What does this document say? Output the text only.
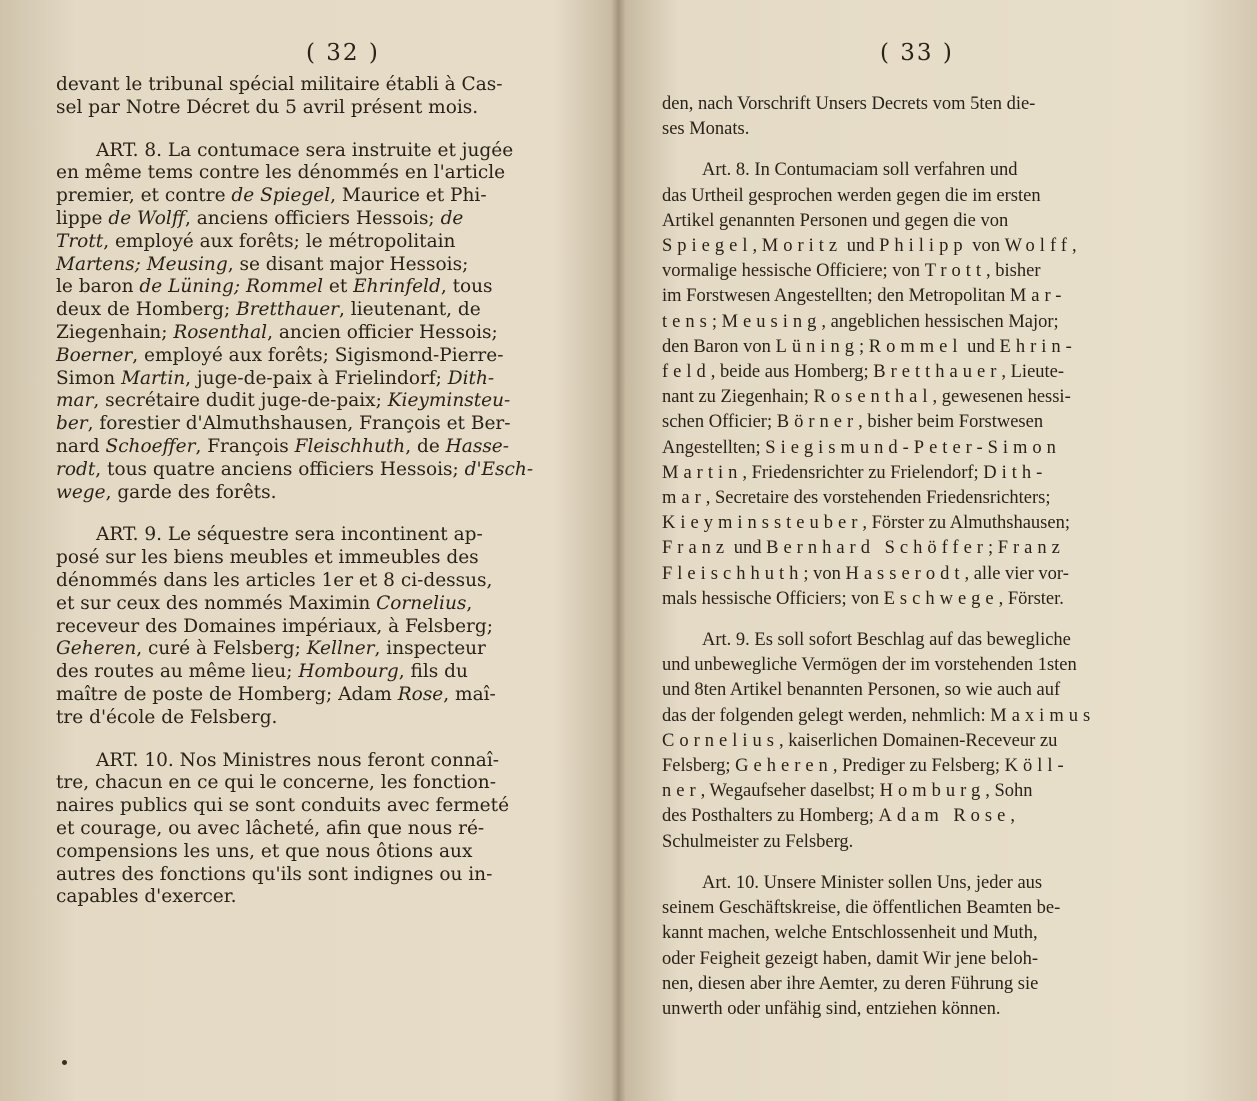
( 32 )
devant le tribunal spécial militaire établi à Cas-
sel par Notre Décret du 5 avril présent mois.
ART. 8. La contumace sera instruite et jugée
en même tems contre les dénommés en l'article
premier, et contre de Spiegel, Maurice et Phi-
lippe de Wolff, anciens officiers Hessois; de
Trott, employé aux forêts; le métropolitain
Martens; Meusing, se disant major Hessois;
le baron de Lüning; Rommel et Ehrinfeld, tous
deux de Homberg; Bretthauer, lieutenant, de
Ziegenhain; Rosenthal, ancien officier Hessois;
Boerner, employé aux forêts; Sigismond-Pierre-
Simon Martin, juge-de-paix à Frielindorf; Dith-
mar, secrétaire dudit juge-de-paix; Kieyminsteu-
ber, forestier d'Almuthshausen, François et Ber-
nard Schoeffer, François Fleischhuth, de Hasse-
rodt, tous quatre anciens officiers Hessois; d'Esch-
wege, garde des forêts.
ART. 9. Le séquestre sera incontinent ap-
posé sur les biens meubles et immeubles des
dénommés dans les articles 1er et 8 ci-dessus,
et sur ceux des nommés Maximin Cornelius,
receveur des Domaines impériaux, à Felsberg;
Geheren, curé à Felsberg; Kellner, inspecteur
des routes au même lieu; Hombourg, fils du
maître de poste de Homberg; Adam Rose, maî-
tre d'école de Felsberg.
ART. 10. Nos Ministres nous feront connaî-
tre, chacun en ce qui le concerne, les fonction-
naires publics qui se sont conduits avec fermeté
et courage, ou avec lâcheté, afin que nous ré-
compensions les uns, et que nous ôtions aux
autres des fonctions qu'ils sont indignes ou in-
capables d'exercer.
( 33 )
den, nach Vorschrift Unsers Decrets vom 5ten die-
ses Monats.
Art. 8. In Contumaciam soll verfahren und
das Urtheil gesprochen werden gegen die im ersten
Artikel genannten Personen und gegen die von
Spiegel, Moritz und Philipp von Wolff,
vormalige hessische Officiere; von Trott, bisher
im Forstwesen Angestellten; den Metropolitan Mar-
tens; Meusing, angeblichen hessischen Major;
den Baron von Lüning; Rommel und Ehrin-
feld, beide aus Homberg; Bretthauer, Lieute-
nant zu Ziegenhain; Rosenthal, gewesenen hessi-
schen Officier; Börner, bisher beim Forstwesen
Angestellten; Siegismund-Peter-Simon
Martin, Friedensrichter zu Frielendorf; Dith-
mar, Secretaire des vorstehenden Friedensrichters;
Kieyminssteuber, Förster zu Almuthshausen;
Franz und Bernhard Schöffer; Franz
Fleischhuth; von Hasserodt, alle vier vor-
mals hessische Officiers; von Eschwege, Förster.
Art. 9. Es soll sofort Beschlag auf das bewegliche
und unbewegliche Vermögen der im vorstehenden 1sten
und 8ten Artikel benannten Personen, so wie auch auf
das der folgenden gelegt werden, nehmlich: Maximus
Cornelius, kaiserlichen Domainen-Receveur zu
Felsberg; Geheren, Prediger zu Felsberg; Köll-
ner, Wegaufseher daselbst; Homburg, Sohn
des Posthalters zu Homberg; Adam Rose,
Schulmeister zu Felsberg.
Art. 10. Unsere Minister sollen Uns, jeder aus
seinem Geschäftskreise, die öffentlichen Beamten be-
kannt machen, welche Entschlossenheit und Muth,
oder Feigheit gezeigt haben, damit Wir jene beloh-
nen, diesen aber ihre Aemter, zu deren Führung sie
unwerth oder unfähig sind, entziehen können.
